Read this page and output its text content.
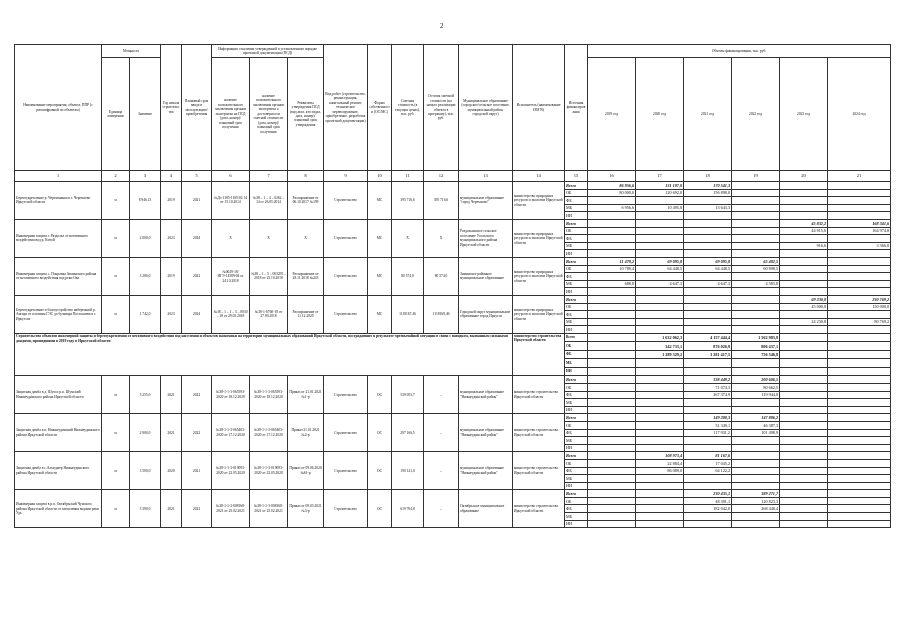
2
Наименование мероприятия, объекта, ППР (с расшифровкой по объектам)	Мощность		Год начала строительства	Плановый срок ввода в эксплуатацию/приобретения	Информация о наличии утвержденной в установленном порядке проектной документации (ПСД)			Вид работ (строительство, реконструкция, капитальный ремонт, техническое перевооружение, приобретение, разработка проектной документации)	Форма собственности (ОС/МС)	Сметная стоимость (в текущих ценах), тыс. руб.	Остаток сметной стоимости (на начало реализации объекта в программу), тыс. руб.	Муниципальное образование (городское/сельское поселение, муниципальный район, городской округ)	Исполнитель (наименование ИОГВ)	Источник финансирования	Объемы финансирования, тыс. руб.					
	Единица измерения	Значение			наличие положительного заключения органов экспертизы на ПСД (дата, номер)/плановый срок получения	наличие положительного заключения органов экспертизы о достоверности сметной стоимости (дата, номер)/плановый срок получения	Реквизиты утверждения ПСД (вид акта, кто издал, дата, номер)/плановый срок утверждения								2019 год	2020 год	2021 год	2022 год	2023 год	2024 год
1	2	3	4	5	6	7	8	9	10	11	12	13	14	15	16	17	18	19	20	21
Берегоукрепление р. Черемшанка в г. Черемхово Иркутской области	м	8 946,13	2019	2021	№Дз-1185-1185/02 14 от 15.10.2014	№38 – 1 – 4 – 0262 – 14 от 26.05.2014	Распоряжение от 06.10.2017 №199	Строительство	МС	395 716,6	395 716,6	муниципальное образование "город Черемхово"	министерство природных ресурсов и экологии Иркутской области	Всего	86 956,6	131 187,0	170 541,3			
														ОБ	80 000,0	120 692,0	156 898,0			
														ФБ						
														МБ	6 956,6	10 495,0	13 643,3			
														ИИ						
Инженерная защита г. Раздолье от негативного воздействия вод р. Китой	м	2 000,0	2023	2024	X	X	X	Строительство	МС	X	X	Раздольинское сельское поселение Усольского муниципального района Иркутской области	министерство природных ресурсов и экологии Иркутской области	Всего					45 832,2	168 341,6
														ОБ					44 915,6	164 974,8
														ФБ						
														МБ					916,6	3 366,8
														ИИ						
Инженерная защита с. Покровка Зиминского района от негативного воздействия вод реки Ока	м	3 280,0	2019	2022	№0029-18/ИГЭ-14589/04 от 24.10.2018	№38 – 1 – 5 – 003295 – 2018 от 25.10.2018	Распоряжение от 28.11.2018 №243	Строительство	МС	80 574,0	80 574,0	Зиминское районное муниципальное образование	министерство природных ресурсов и экологии Иркутской области	Всего	11 478,2	69 095,8	69 095,8	65 482,5		
														ОБ	10 789,4	64 448,5	64 448,5	60 898,5		
														ФБ						
														МБ	688,8	4 647,3	4 647,3	4 583,8		
														ИИ						
Берегоукрепление и благоустройство набережной р. Ангара от плотины ГЭС до бульвара Постышева в г. Иркутске	м	1 742,0	2023	2024	№38 – 1 – 1 – 3 – 0030 – 18 от 29.03.2018	№38-1-6760-18 от 27.09.2018	Распоряжение от 11.12.2020	Строительство	МС	1118167,46	1118169,46	Городской округ муниципальное образование город Иркутск	министерство природных ресурсов и экологии Иркутской области	Всего					69 230,8	230 769,2
														ОБ					45 000,0	150 000,0
														ФБ						
														МБ					24 230,8	80 769,2
														ИИ						
Строительство объектов инженерной защиты и берегоукрепления от негативного воздействия вод населения и объектов экономики на территории муниципальных образований Иркутской области, пострадавших в результате чрезвычайной ситуации в связи с паводком, вызванным сильными дождями, прошедшими в 2019 году в Иркутской области													министерство строительства Иркутской области	Всего		1 632 062,3	4 157 444,4	1 562 983,9		
														ОБ		342 733,1	876 026,9	806 437,1		
														ФБ		1 289 329,2	3 281 417,5	756 546,8		
														МБ						
														ИИ						
Защитная дамба в д. Шум и р.п. Шумский Нижнеудинского района Иркутской области	м	5 255,0	2021	2022	№38-1-1-3-065593-2020 от 18.12.2020	№38-1-1-3-065593-2020 от 18.12.2020	Приказ от 21.01.2021 №1-р	Строительство	ОС	539 053,7	–	муниципальное образование "Нижнеудинский район"	министерство строительства Иркутской области	Всего			338 449,2	200 606,5		
														ОБ			71 074,3	80 662,5		
														ФБ			267 374,9	119 944,0		
														МБ						
														ИИ						
Защитная дамба в п. Нижнеудинский Нижнеудинского района Иркутской области	м	2 900,0	2021	2022	№38-1-1-3-065403-2020 от 17.12.2020	№38-1-1-3-065403-2020 от 17.12.2020	Приказ 21.01.2021 №2-р	Строительство	ОС	297 166,5	–	муниципальное образование "Нижнеудинский район"	министерство строительства Иркутской области	Всего			149 280,3	147 886,2		
														ОБ			31 349,1	46 387,3		
														ФБ			117 931,2	101 498,9		
														МБ						
														ИИ						
Защитная дамба в с.Алыгджер Нижнеудинского района Иркутской области	м	3 500,0	2020	2021	№38-1-1-3-019093-2020 от 22.05.2020	№38-1-1-3-019093-2020 от 22.05.2020	Приказ от 09.06.2020 №61-р	Строительство	ОС	190 141,0	–	муниципальное образование "Нижнеудинский район"	министерство строительства Иркутской области	Всего		108 973,4	81 167,6			
														ОБ		22 884,4	17 045,2			
														ФБ		86 089,0	64 122,2			
														МБ						
														ИИ						
Инженерная защита в р.п. Октябрьский Чунского района Иркутской области от затопления водами реки Уда	м	5 390,0	2021	2022	№38-1-1-3-008168-2021 от 25.02.2021	№38-1-1-3-008168-2021 от 25.02.2021	Приказ от 09.03.2021 №3-р	Строительство	ОС	619 704,8	–	Октябрьское муниципальное образование	министерство строительства Иркутской области	Всего			230 435,1	389 271,7		
														ОБ			48 391,1	120 823,3		
														ФБ			182 042,0	268 448,4		
														МБ						
														ИИ						
